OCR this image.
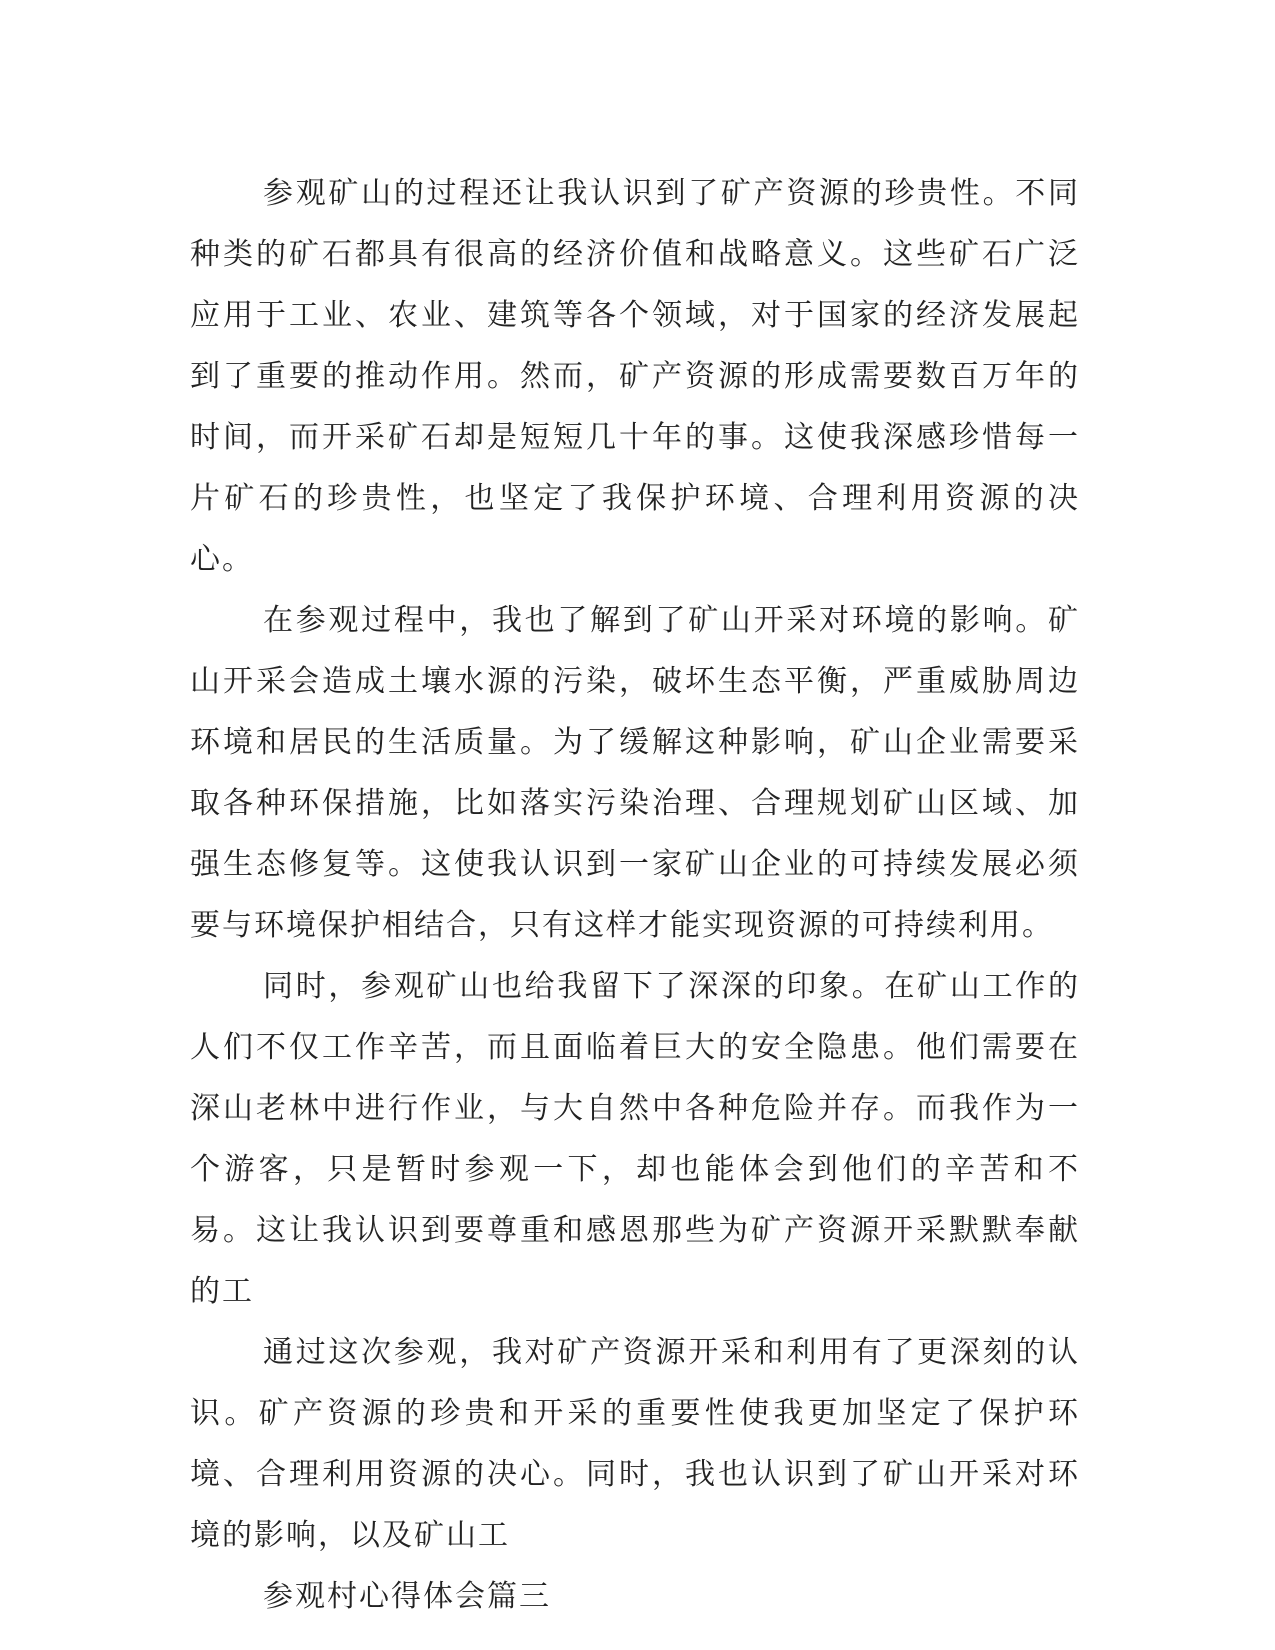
参观矿山的过程还让我认识到了矿产资源的珍贵性。不同种类的矿石都具有很高的经济价值和战略意义。这些矿石广泛应用于工业、农业、建筑等各个领域，对于国家的经济发展起到了重要的推动作用。然而，矿产资源的形成需要数百万年的时间，而开采矿石却是短短几十年的事。这使我深感珍惜每一片矿石的珍贵性，也坚定了我保护环境、合理利用资源的决心。

在参观过程中，我也了解到了矿山开采对环境的影响。矿山开采会造成土壤水源的污染，破坏生态平衡，严重威胁周边环境和居民的生活质量。为了缓解这种影响，矿山企业需要采取各种环保措施，比如落实污染治理、合理规划矿山区域、加强生态修复等。这使我认识到一家矿山企业的可持续发展必须要与环境保护相结合，只有这样才能实现资源的可持续利用。

同时，参观矿山也给我留下了深深的印象。在矿山工作的人们不仅工作辛苦，而且面临着巨大的安全隐患。他们需要在深山老林中进行作业，与大自然中各种危险并存。而我作为一个游客，只是暂时参观一下，却也能体会到他们的辛苦和不易。这让我认识到要尊重和感恩那些为矿产资源开采默默奉献的工

通过这次参观，我对矿产资源开采和利用有了更深刻的认识。矿产资源的珍贵和开采的重要性使我更加坚定了保护环境、合理利用资源的决心。同时，我也认识到了矿山开采对环境的影响，以及矿山工

参观村心得体会篇三
